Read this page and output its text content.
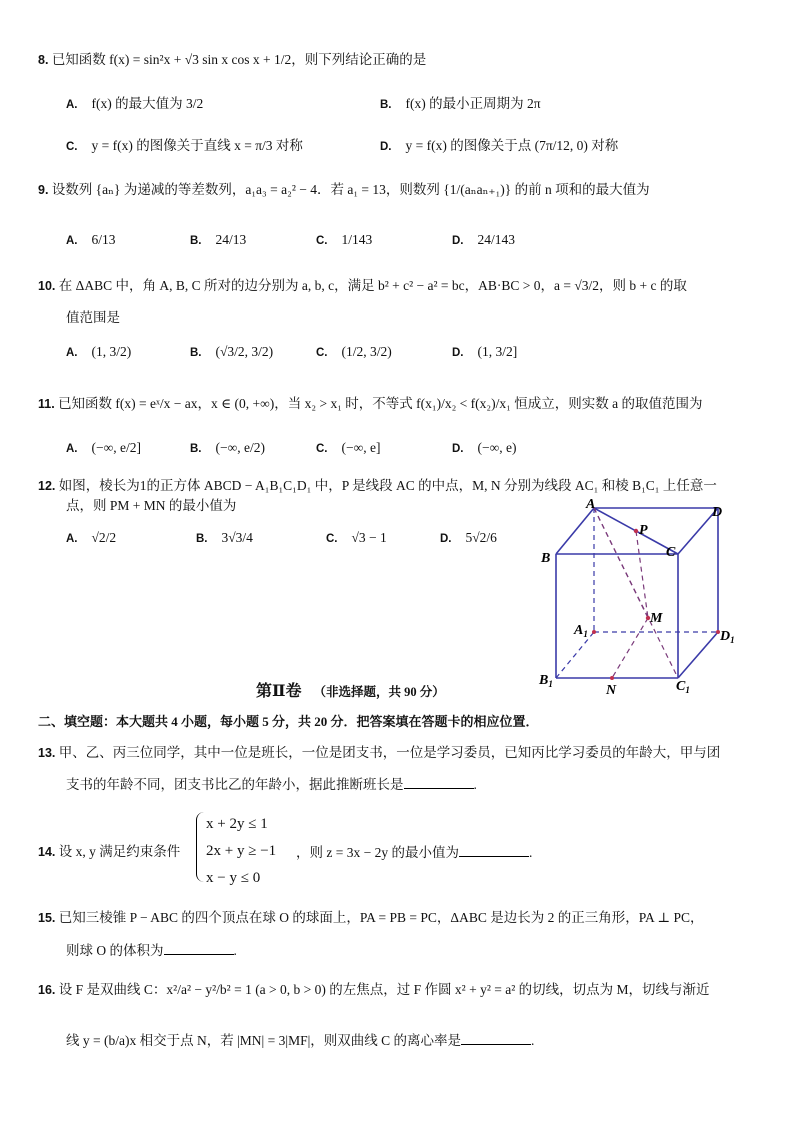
8. 已知函数 f(x) = sin²x + √3 sin x cos x + 1/2，则下列结论正确的是
A. f(x) 的最大值为 3/2	B. f(x) 的最小正周期为 2π
C. y = f(x) 的图像关于直线 x = π/3 对称	D. y = f(x) 的图像关于点 (7π/12, 0) 对称
9. 设数列 {aₙ} 为递减的等差数列，a₁a₃ = a₂² − 4．若 a₁ = 13，则数列 {1/(aₙaₙ₊₁)} 的前 n 项和的最大值为
A. 6/13	B. 24/13	C. 1/143	D. 24/143
10. 在 ΔABC 中，角 A, B, C 所对的边分别为 a, b, c，满足 b² + c² − a² = bc，AB·BC > 0，a = √3/2，则 b + c 的取
值范围是
A. (1, 3/2)	B. (√3/2, 3/2)	C. (1/2, 3/2)	D. (1, 3/2]
11. 已知函数 f(x) = eˣ/x − ax，x ∈ (0, +∞)，当 x₂ > x₁ 时，不等式 f(x₁)/x₂ < f(x₂)/x₁ 恒成立，则实数 a 的取值范围为
A. (−∞, e/2]	B. (−∞, e/2)	C. (−∞, e]	D. (−∞, e)
12. 如图，棱长为1的正方体 ABCD − A₁B₁C₁D₁ 中，P 是线段 AC 的中点，M, N 分别为线段 AC₁ 和棱 B₁C₁ 上任意一
点，则 PM + MN 的最小值为
A. √2/2	B. 3√3/4	C. √3 − 1	D. 5√2/6
A
B	C
D
P
M
N
$A_1$	$D_1$
$B_1$	$C_1$
第Ⅱ卷 （非选择题，共 90 分）
二、填空题：本大题共 4 小题，每小题 5 分，共 20 分．把答案填在答题卡的相应位置．
13. 甲、乙、丙三位同学，其中一位是班长，一位是团支书，一位是学习委员，已知丙比学习委员的年龄大，甲与团
支书的年龄不同，团支书比乙的年龄小，据此推断班长是	.
14. 设 x, y 满足约束条件
x + 2y ≤ 1
2x + y ≥ −1
x − y ≤ 0
，则 z = 3x − 2y 的最小值为	.
15. 已知三棱锥 P − ABC 的四个顶点在球 O 的球面上，PA = PB = PC，ΔABC 是边长为 2 的正三角形，PA ⊥ PC，
则球 O 的体积为	.
16. 设 F 是双曲线 C：x²/a² − y²/b² = 1 (a > 0, b > 0) 的左焦点，过 F 作圆 x² + y² = a² 的切线，切点为 M，切线与渐近
线 y = (b/a)x 相交于点 N，若 |MN| = 3|MF|，则双曲线 C 的离心率是	.
